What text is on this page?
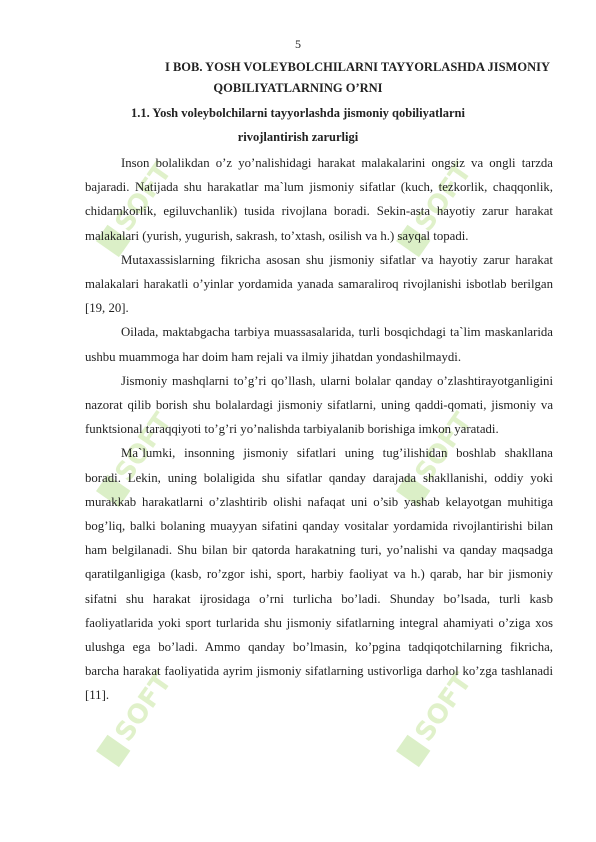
SOFT	SOFT
SOFT	SOFT
SOFT	SOFT
5
I BOB. YOSH VOLEYBOLCHILARNI TAYYORLASHDA JISMONIY
QOBILIYATLARNING O’RNI
1.1. Yosh voleybolchilarni tayyorlashda jismoniy qobiliyatlarni
rivojlantirish zarurligi

Inson bolalikdan o’z yo’nalishidagi harakat malakalarini ongsiz va ongli tarzda bajaradi. Natijada shu harakatlar ma`lum jismoniy sifatlar (kuch, tezkorlik, chaqqonlik, chidamkorlik, egiluvchanlik) tusida rivojlana boradi. Sekin-asta hayotiy zarur harakat malakalari (yurish, yugurish, sakrash, to’xtash, osilish va h.) sayqal topadi.

Mutaxassislarning fikricha asosan shu jismoniy sifatlar va hayotiy zarur harakat malakalari harakatli o’yinlar yordamida yanada samaraliroq rivojlanishi isbotlab berilgan [19, 20].

Oilada, maktabgacha tarbiya muassasalarida, turli bosqichdagi ta`lim maskanlarida ushbu muammoga har doim ham rejali va ilmiy jihatdan yondashilmaydi.

Jismoniy mashqlarni to’g’ri qo’llash, ularni bolalar qanday o’zlashtirayotganligini nazorat qilib borish shu bolalardagi jismoniy sifatlarni, uning qaddi-qomati, jismoniy va funktsional taraqqiyoti to’g’ri yo’nalishda tarbiyalanib borishiga imkon yaratadi.

Ma`lumki, insonning jismoniy sifatlari uning tug’ilishidan boshlab shakllana boradi. Lekin, uning bolaligida shu sifatlar qanday darajada shakllanishi, oddiy yoki murakkab harakatlarni o’zlashtirib olishi nafaqat uni o’sib yashab kelayotgan muhitiga bog’liq, balki bolaning muayyan sifatini qanday vositalar yordamida rivojlantirishi bilan ham belgilanadi. Shu bilan bir qatorda harakatning turi, yo’nalishi va qanday maqsadga qaratilganligiga (kasb, ro’zgor ishi, sport, harbiy faoliyat va h.) qarab, har bir jismoniy sifatni shu harakat ijrosidaga o’rni turlicha bo’ladi. Shunday bo’lsada, turli kasb faoliyatlarida yoki sport turlarida shu jismoniy sifatlarning integral ahamiyati o’ziga xos ulushga ega bo’ladi. Ammo qanday bo’lmasin, ko’pgina tadqiqotchilarning fikricha, barcha harakat faoliyatida ayrim jismoniy sifatlarning ustivorliga darhol ko’zga tashlanadi [11].
